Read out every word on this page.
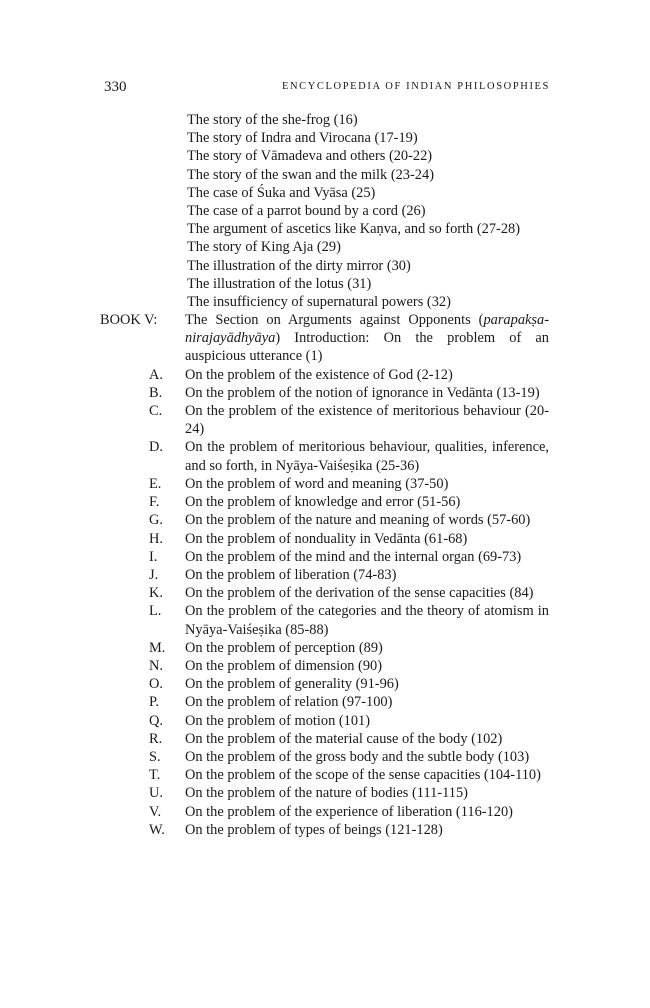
330	ENCYCLOPEDIA OF INDIAN PHILOSOPHIES
The story of the she-frog (16)
The story of Indra and Virocana (17-19)
The story of Vāmadeva and others (20-22)
The story of the swan and the milk (23-24)
The case of Śuka and Vyāsa (25)
The case of a parrot bound by a cord (26)
The argument of ascetics like Kaṇva, and so forth (27-28)
The story of King Aja (29)
The illustration of the dirty mirror (30)
The illustration of the lotus (31)
The insufficiency of supernatural powers (32)
BOOK V: The Section on Arguments against Opponents (parapakṣa-nirajayādhyāya) Introduction: On the problem of an auspicious utterance (1)
A. On the problem of the existence of God (2-12)
B. On the problem of the notion of ignorance in Vedānta (13-19)
C. On the problem of the existence of meritorious behaviour (20-24)
D. On the problem of meritorious behaviour, qualities, inference, and so forth, in Nyāya-Vaiśeṣika (25-36)
E. On the problem of word and meaning (37-50)
F. On the problem of knowledge and error (51-56)
G. On the problem of the nature and meaning of words (57-60)
H. On the problem of nonduality in Vedānta (61-68)
I. On the problem of the mind and the internal organ (69-73)
J. On the problem of liberation (74-83)
K. On the problem of the derivation of the sense capacities (84)
L. On the problem of the categories and the theory of atomism in Nyāya-Vaiśeṣika (85-88)
M. On the problem of perception (89)
N. On the problem of dimension (90)
O. On the problem of generality (91-96)
P. On the problem of relation (97-100)
Q. On the problem of motion (101)
R. On the problem of the material cause of the body (102)
S. On the problem of the gross body and the subtle body (103)
T. On the problem of the scope of the sense capacities (104-110)
U. On the problem of the nature of bodies (111-115)
V. On the problem of the experience of liberation (116-120)
W. On the problem of types of beings (121-128)
